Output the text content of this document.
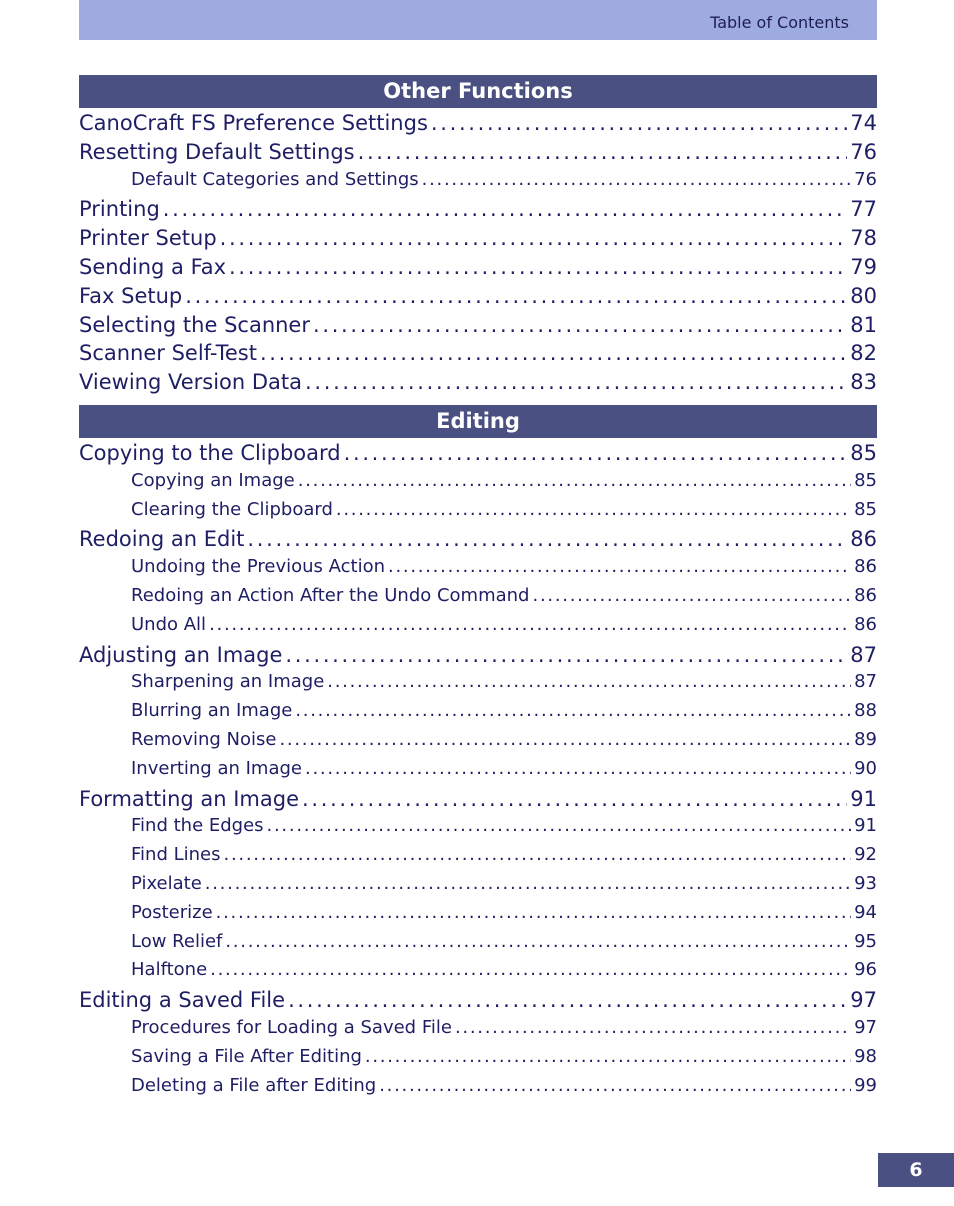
Table of Contents
Other Functions
CanoCraft FS Preference Settings . . .	74
Resetting Default Settings . . .	76
Default Categories and Settings . . .	76
Printing . . .	77
Printer Setup . . .	78
Sending a Fax . . .	79
Fax Setup . . .	80
Selecting the Scanner . . .	81
Scanner Self-Test . . .	82
Viewing Version Data . . .	83
Editing
Copying to the Clipboard . . .	85
Copying an Image . . .	85
Clearing the Clipboard . . .	85
Redoing an Edit . . .	86
Undoing the Previous Action . . .	86
Redoing an Action After the Undo Command . . .	86
Undo All . . .	86
Adjusting an Image . . .	87
Sharpening an Image . . .	87
Blurring an Image . . .	88
Removing Noise . . .	89
Inverting an Image . . .	90
Formatting an Image . . .	91
Find the Edges . . .	91
Find Lines . . .	92
Pixelate . . .	93
Posterize . . .	94
Low Relief . . .	95
Halftone . . .	96
Editing a Saved File . . .	97
Procedures for Loading a Saved File . . .	97
Saving a File After Editing . . .	98
Deleting a File after Editing . . .	99
6
